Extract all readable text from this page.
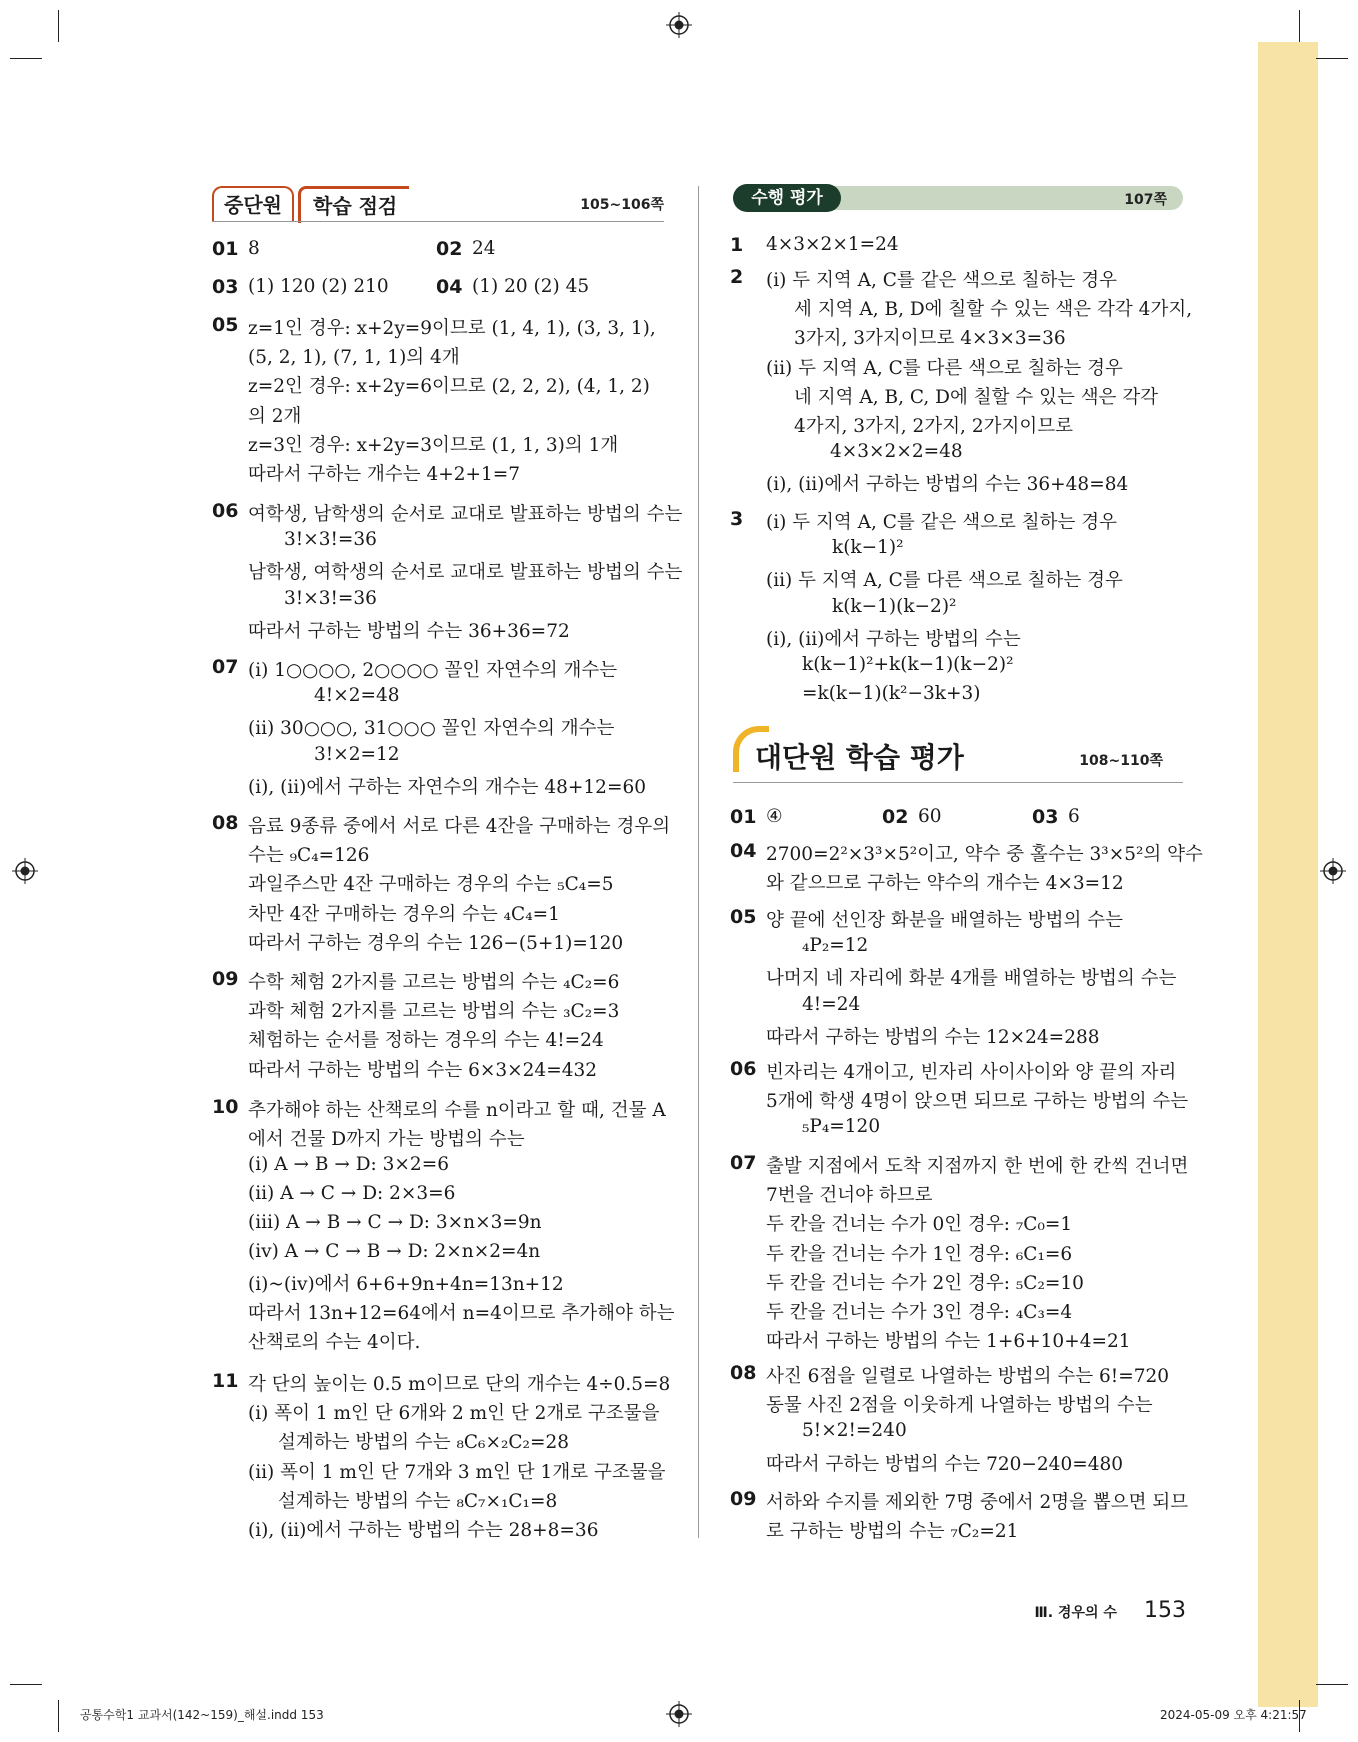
중단원	학습 점검	105~106쪽	수행 평가	107쪽
대단원 학습 평가	108~110쪽
01 8	02 24
03 (1) 120 (2) 210 04 (1) 20 (2) 45
05 z=1인 경우: x+2y=9이므로 (1, 4, 1), (3, 3, 1),
(5, 2, 1), (7, 1, 1)의 4개
z=2인 경우: x+2y=6이므로 (2, 2, 2), (4, 1, 2)
의 2개
z=3인 경우: x+2y=3이므로 (1, 1, 3)의 1개
따라서 구하는 개수는 4+2+1=7
06 여학생, 남학생의 순서로 교대로 발표하는 방법의 수는
3!×3!=36
남학생, 여학생의 순서로 교대로 발표하는 방법의 수는
3!×3!=36
따라서 구하는 방법의 수는 36+36=72
07 (ⅰ) 1○○○○, 2○○○○ 꼴인 자연수의 개수는
4!×2=48
(ⅱ) 30○○○, 31○○○ 꼴인 자연수의 개수는
3!×2=12
(ⅰ), (ⅱ)에서 구하는 자연수의 개수는 48+12=60
08 음료 9종류 중에서 서로 다른 4잔을 구매하는 경우의
수는 ₉C₄=126
과일주스만 4잔 구매하는 경우의 수는 ₅C₄=5
차만 4잔 구매하는 경우의 수는 ₄C₄=1
따라서 구하는 경우의 수는 126−(5+1)=120
09 수학 체험 2가지를 고르는 방법의 수는 ₄C₂=6
과학 체험 2가지를 고르는 방법의 수는 ₃C₂=3
체험하는 순서를 정하는 경우의 수는 4!=24
따라서 구하는 방법의 수는 6×3×24=432
10 추가해야 하는 산책로의 수를 n이라고 할 때, 건물 A
에서 건물 D까지 가는 방법의 수는
(ⅰ) A → B → D: 3×2=6
(ⅱ) A → C → D: 2×3=6
(ⅲ) A → B → C → D: 3×n×3=9n
(ⅳ) A → C → B → D: 2×n×2=4n
(ⅰ)~(ⅳ)에서 6+6+9n+4n=13n+12
따라서 13n+12=64에서 n=4이므로 추가해야 하는
산책로의 수는 4이다.
11 각 단의 높이는 0.5 m이므로 단의 개수는 4÷0.5=8
(ⅰ) 폭이 1 m인 단 6개와 2 m인 단 2개로 구조물을
설계하는 방법의 수는 ₈C₆×₂C₂=28
(ⅱ) 폭이 1 m인 단 7개와 3 m인 단 1개로 구조물을
설계하는 방법의 수는 ₈C₇×₁C₁=8
(ⅰ), (ⅱ)에서 구하는 방법의 수는 28+8=36
1 4×3×2×1=24
2 (ⅰ) 두 지역 A, C를 같은 색으로 칠하는 경우
세 지역 A, B, D에 칠할 수 있는 색은 각각 4가지,
3가지, 3가지이므로 4×3×3=36
(ⅱ) 두 지역 A, C를 다른 색으로 칠하는 경우
네 지역 A, B, C, D에 칠할 수 있는 색은 각각
4가지, 3가지, 2가지, 2가지이므로
4×3×2×2=48
(ⅰ), (ⅱ)에서 구하는 방법의 수는 36+48=84
3 (ⅰ) 두 지역 A, C를 같은 색으로 칠하는 경우
k(k−1)²
(ⅱ) 두 지역 A, C를 다른 색으로 칠하는 경우
k(k−1)(k−2)²
(ⅰ), (ⅱ)에서 구하는 방법의 수는
k(k−1)²+k(k−1)(k−2)²
=k(k−1)(k²−3k+3)
01 ④	02 60	03 6
04 2700=2²×3³×5²이고, 약수 중 홀수는 3³×5²의 약수
와 같으므로 구하는 약수의 개수는 4×3=12
05 양 끝에 선인장 화분을 배열하는 방법의 수는
₄P₂=12
나머지 네 자리에 화분 4개를 배열하는 방법의 수는
4!=24
따라서 구하는 방법의 수는 12×24=288
06 빈자리는 4개이고, 빈자리 사이사이와 양 끝의 자리
5개에 학생 4명이 앉으면 되므로 구하는 방법의 수는
₅P₄=120
07 출발 지점에서 도착 지점까지 한 번에 한 칸씩 건너면
7번을 건너야 하므로
두 칸을 건너는 수가 0인 경우: ₇C₀=1
두 칸을 건너는 수가 1인 경우: ₆C₁=6
두 칸을 건너는 수가 2인 경우: ₅C₂=10
두 칸을 건너는 수가 3인 경우: ₄C₃=4
따라서 구하는 방법의 수는 1+6+10+4=21
08 사진 6점을 일렬로 나열하는 방법의 수는 6!=720
동물 사진 2점을 이웃하게 나열하는 방법의 수는
5!×2!=240
따라서 구하는 방법의 수는 720−240=480
09 서하와 수지를 제외한 7명 중에서 2명을 뽑으면 되므
로 구하는 방법의 수는 ₇C₂=21
Ⅲ. 경우의 수 153
공통수학1 교과서(142~159)_해설.indd 153	2024-05-09 오후 4:21:57
